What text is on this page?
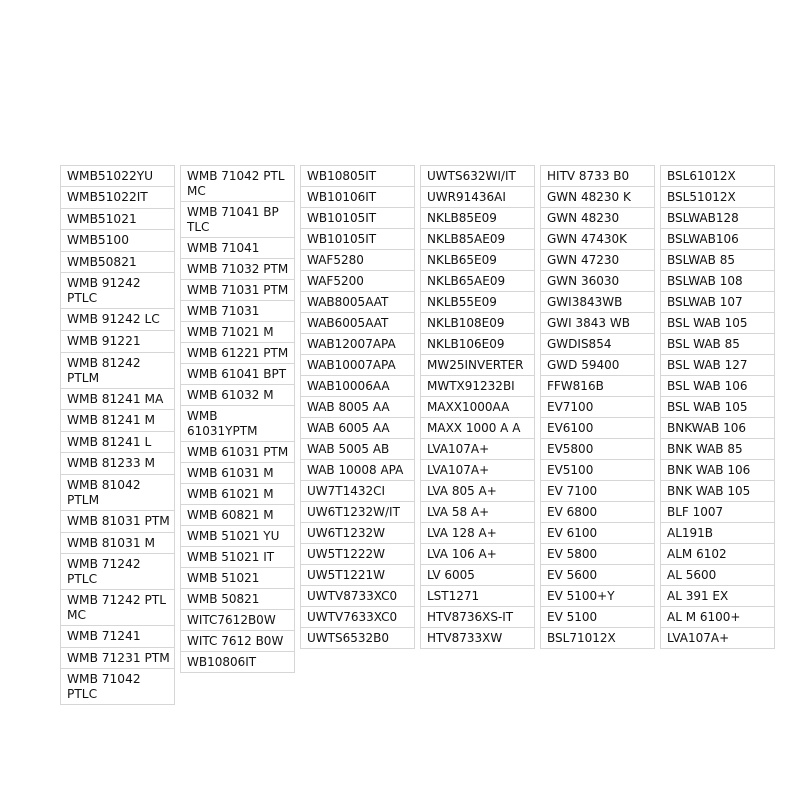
WMB51022YU
WMB51022IT
WMB51021
WMB5100
WMB50821
WMB 91242 PTLC
WMB 91242 LC
WMB 91221
WMB 81242 PTLM
WMB 81241 MA
WMB 81241 M
WMB 81241 L
WMB 81233 M
WMB 81042 PTLM
WMB 81031 PTM
WMB 81031 M
WMB 71242 PTLC
WMB 71242 PTL MC
WMB 71241
WMB 71231 PTM
WMB 71042 PTLC
WMB 71042 PTL MC
WMB 71041 BP TLC
WMB 71041
WMB 71032 PTM
WMB 71031 PTM
WMB 71031
WMB 71021 M
WMB 61221 PTM
WMB 61041 BPT
WMB 61032 M
WMB 61031YPTM
WMB 61031 PTM
WMB 61031 M
WMB 61021 M
WMB 60821 M
WMB 51021 YU
WMB 51021 IT
WMB 51021
WMB 50821
WITC7612B0W
WITC 7612 B0W
WB10806IT
WB10805IT
WB10106IT
WB10105IT
WB10105IT
WAF5280
WAF5200
WAB8005AAT
WAB6005AAT
WAB12007APA
WAB10007APA
WAB10006AA
WAB 8005 AA
WAB 6005 AA
WAB 5005 AB
WAB 10008 APA
UW7T1432CI
UW6T1232W/IT
UW6T1232W
UW5T1222W
UW5T1221W
UWTV8733XC0
UWTV7633XC0
UWTS6532B0
UWTS632WI/IT
UWR91436AI
NKLB85E09
NKLB85AE09
NKLB65E09
NKLB65AE09
NKLB55E09
NKLB108E09
NKLB106E09
MW25INVERTER
MWTX91232BI
MAXX1000AA
MAXX 1000 A A
LVA107A+
LVA107A+
LVA 805 A+
LVA 58 A+
LVA 128 A+
LVA 106 A+
LV 6005
LST1271
HTV8736XS-IT
HTV8733XW
HITV 8733 B0
GWN 48230 K
GWN 48230
GWN 47430K
GWN 47230
GWN 36030
GWI3843WB
GWI 3843 WB
GWDIS854
GWD 59400
FFW816B
EV7100
EV6100
EV5800
EV5100
EV 7100
EV 6800
EV 6100
EV 5800
EV 5600
EV 5100+Y
EV 5100
BSL71012X
BSL61012X
BSL51012X
BSLWAB128
BSLWAB106
BSLWAB 85
BSLWAB 108
BSLWAB 107
BSL WAB 105
BSL WAB 85
BSL WAB 127
BSL WAB 106
BSL WAB 105
BNKWAB 106
BNK WAB 85
BNK WAB 106
BNK WAB 105
BLF 1007
AL191B
ALM 6102
AL 5600
AL 391 EX
AL M 6100+
LVA107A+
